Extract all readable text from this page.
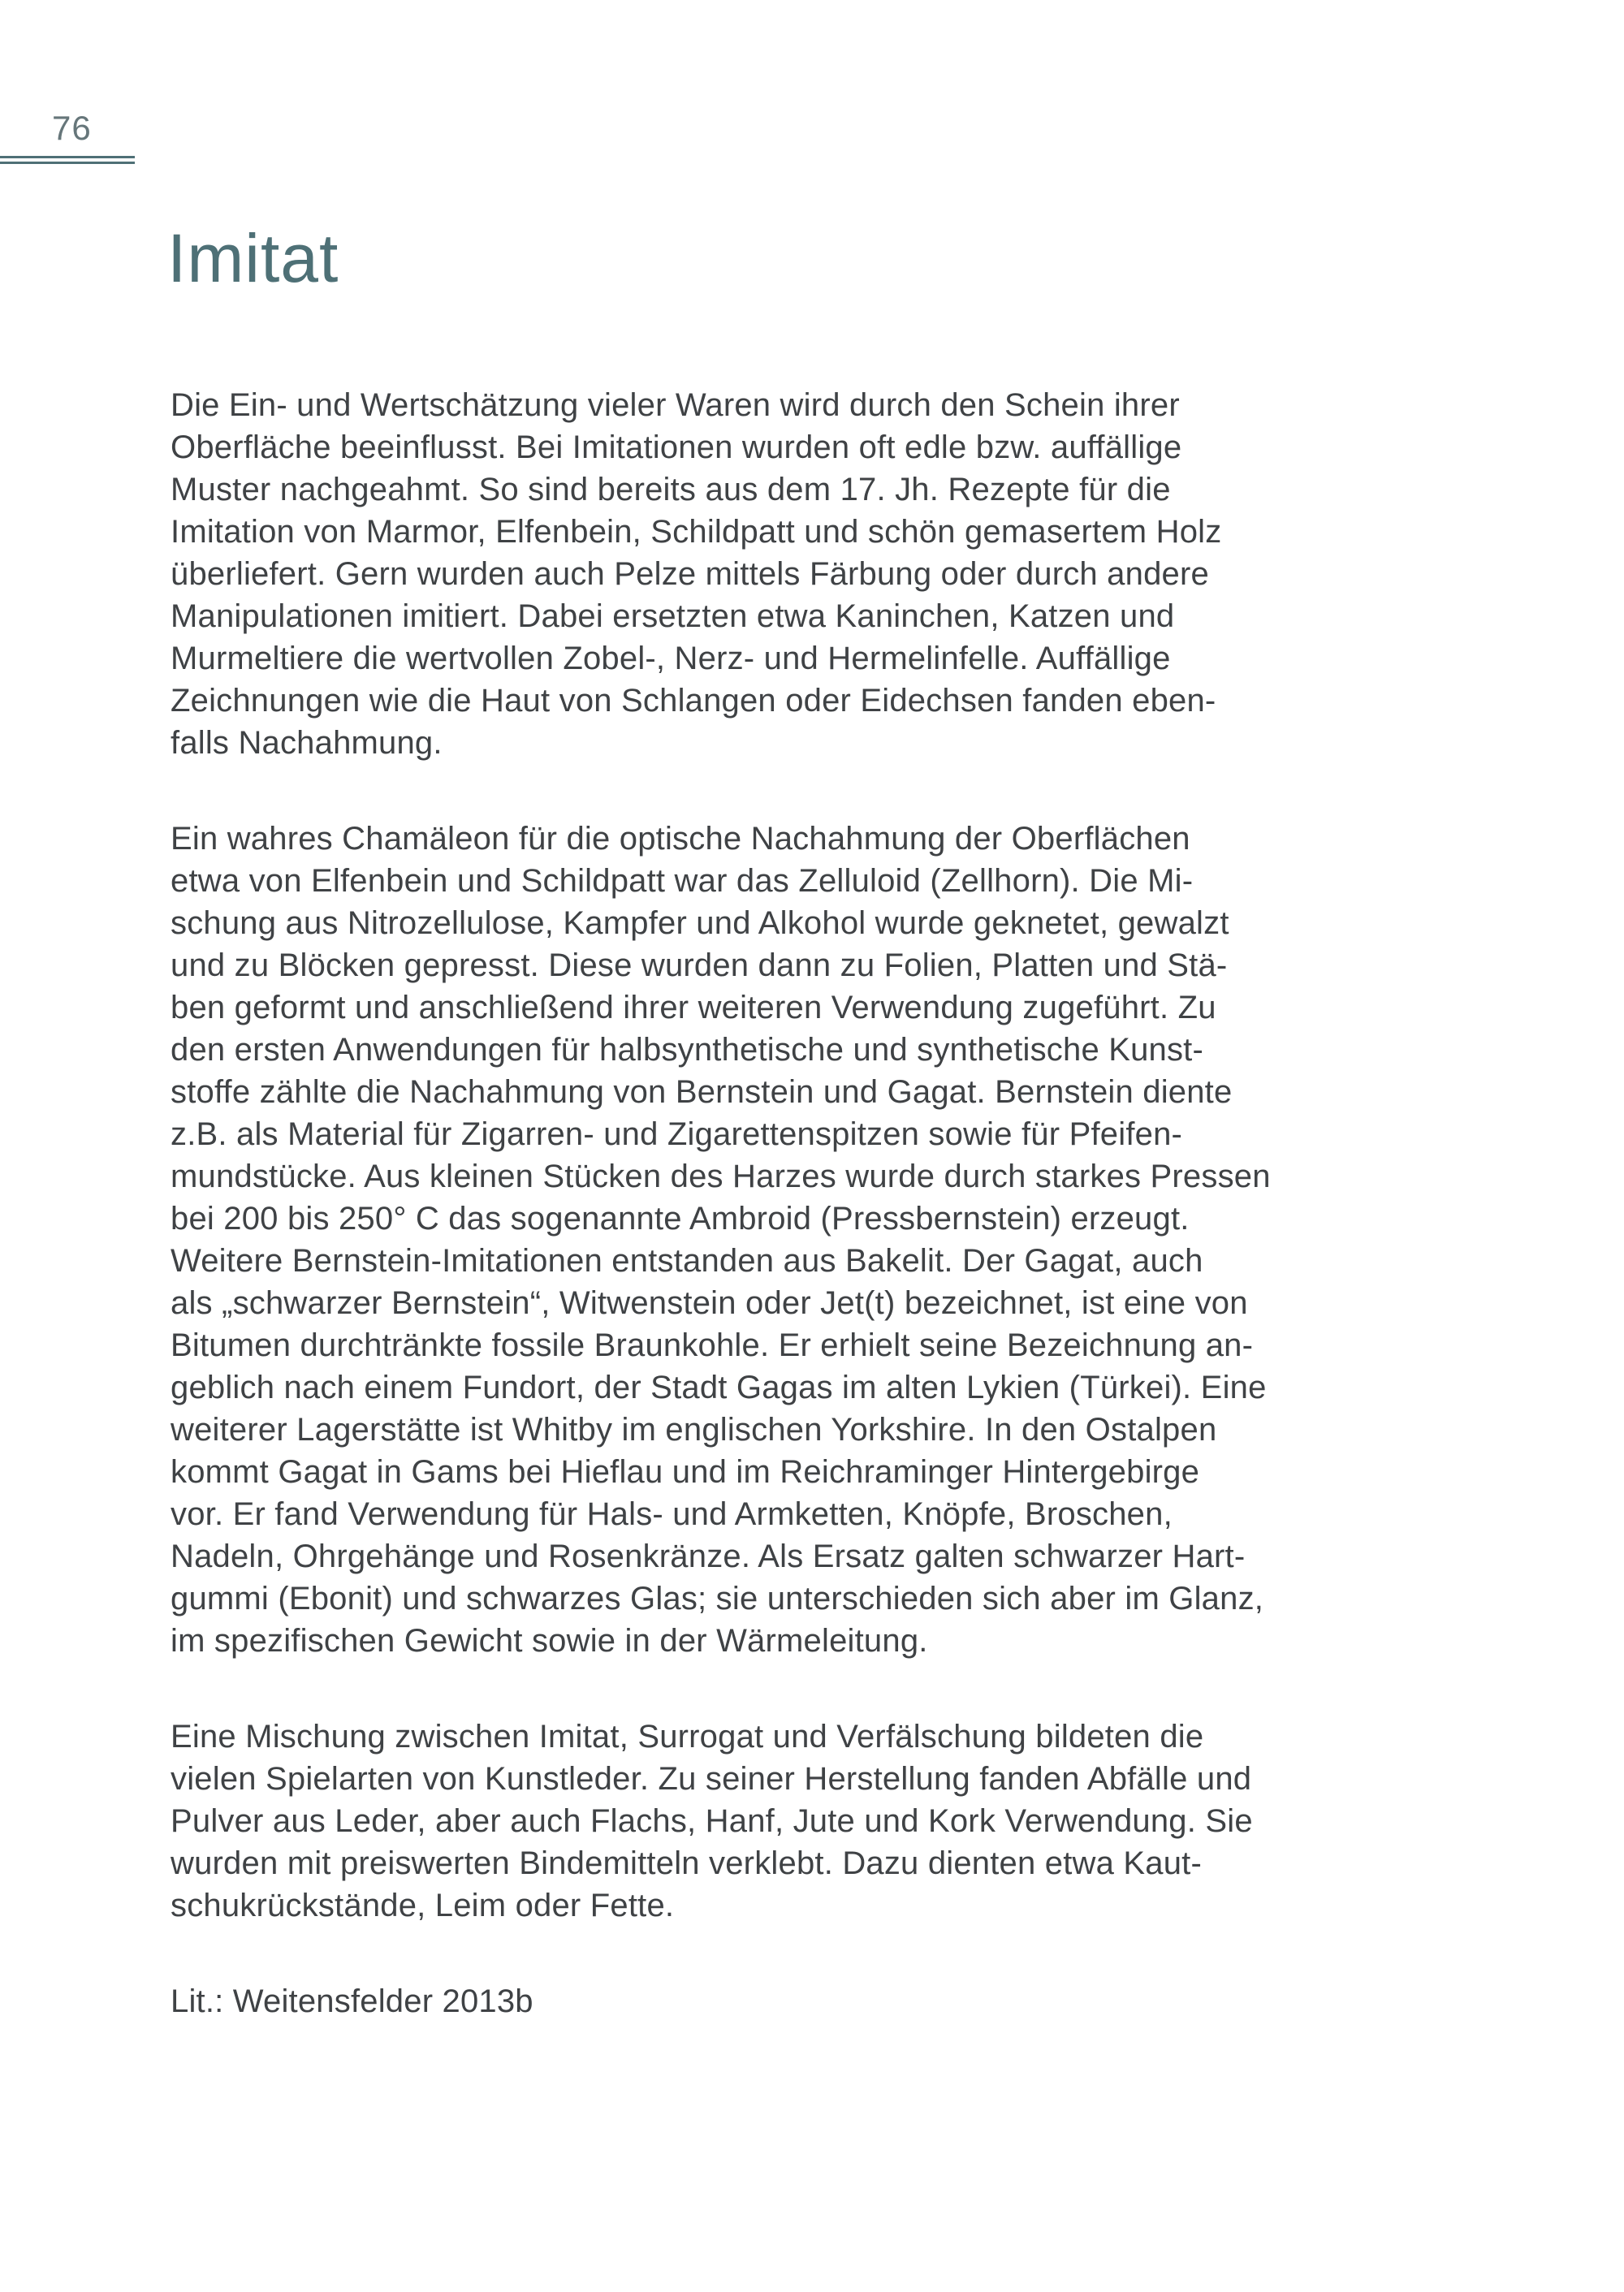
76
Imitat
Die Ein- und Wertschätzung vieler Waren wird durch den Schein ihrer
Oberfläche beeinflusst. Bei Imitationen wurden oft edle bzw. auffällige
Muster nachgeahmt. So sind bereits aus dem 17. Jh. Rezepte für die
Imitation von Marmor, Elfenbein, Schildpatt und schön gemasertem Holz
überliefert. Gern wurden auch Pelze mittels Färbung oder durch andere
Manipulationen imitiert. Dabei ersetzten etwa Kaninchen, Katzen und
Murmeltiere die wertvollen Zobel-, Nerz- und Hermelinfelle. Auffällige
Zeichnungen wie die Haut von Schlangen oder Eidechsen fanden eben-
falls Nachahmung.
Ein wahres Chamäleon für die optische Nachahmung der Oberflächen
etwa von Elfenbein und Schildpatt war das Zelluloid (Zellhorn). Die Mi-
schung aus Nitrozellulose, Kampfer und Alkohol wurde geknetet, gewalzt
und zu Blöcken gepresst. Diese wurden dann zu Folien, Platten und Stä-
ben geformt und anschließend ihrer weiteren Verwendung zugeführt. Zu
den ersten Anwendungen für halbsynthetische und synthetische Kunst-
stoffe zählte die Nachahmung von Bernstein und Gagat. Bernstein diente
z.B. als Material für Zigarren- und Zigarettenspitzen sowie für Pfeifen-
mundstücke. Aus kleinen Stücken des Harzes wurde durch starkes Pressen
bei 200 bis 250° C das sogenannte Ambroid (Pressbernstein) erzeugt.
Weitere Bernstein-Imitationen entstanden aus Bakelit. Der Gagat, auch
als „schwarzer Bernstein“, Witwenstein oder Jet(t) bezeichnet, ist eine von
Bitumen durchtränkte fossile Braunkohle. Er erhielt seine Bezeichnung an-
geblich nach einem Fundort, der Stadt Gagas im alten Lykien (Türkei). Eine
weiterer Lagerstätte ist Whitby im englischen Yorkshire. In den Ostalpen
kommt Gagat in Gams bei Hieflau und im Reichraminger Hintergebirge
vor. Er fand Verwendung für Hals- und Armketten, Knöpfe, Broschen,
Nadeln, Ohrgehänge und Rosenkränze. Als Ersatz galten schwarzer Hart-
gummi (Ebonit) und schwarzes Glas; sie unterschieden sich aber im Glanz,
im spezifischen Gewicht sowie in der Wärmeleitung.
Eine Mischung zwischen Imitat, Surrogat und Verfälschung bildeten die
vielen Spielarten von Kunstleder. Zu seiner Herstellung fanden Abfälle und
Pulver aus Leder, aber auch Flachs, Hanf, Jute und Kork Verwendung. Sie
wurden mit preiswerten Bindemitteln verklebt. Dazu dienten etwa Kaut-
schukrückstände, Leim oder Fette.
Lit.: Weitensfelder 2013b
